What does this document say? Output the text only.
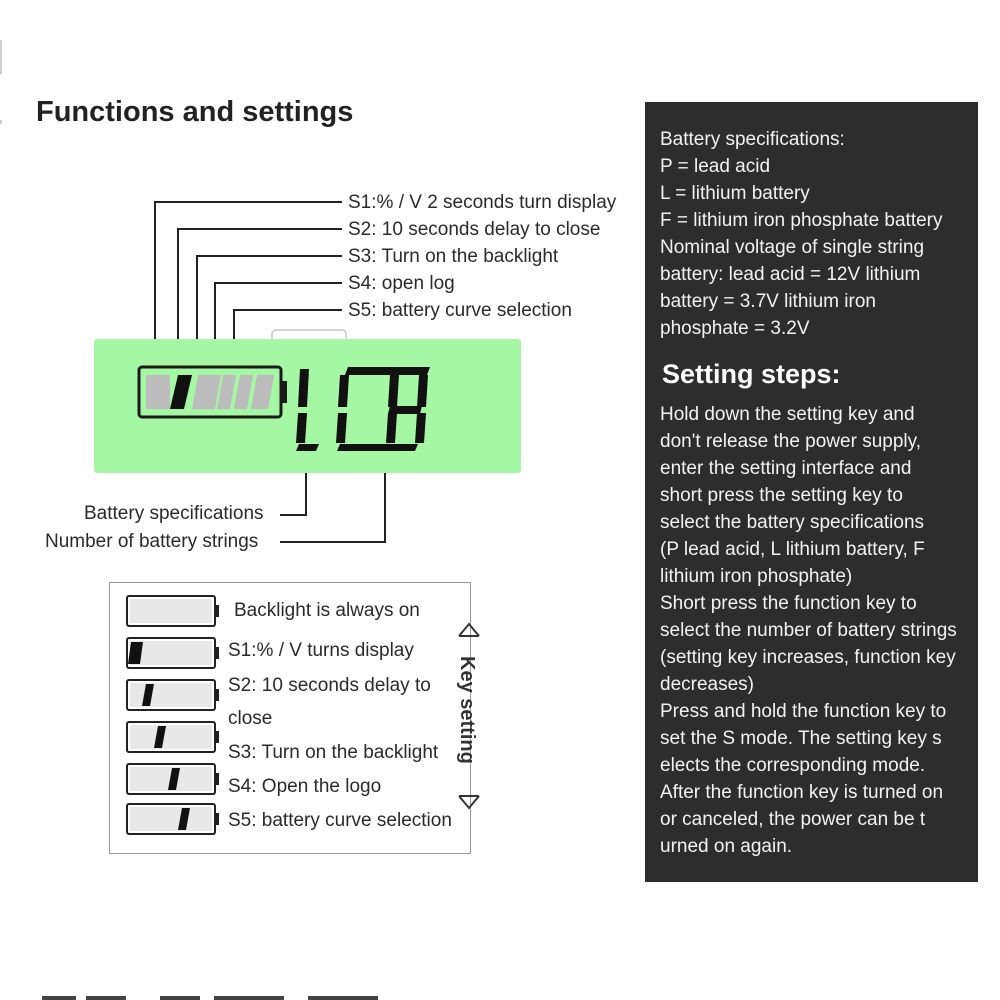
Functions and settings
S1:% / V 2 seconds turn display
S2: 10 seconds delay to close
S3: Turn on the backlight
S4: open log
S5: battery curve selection
Battery specifications
Number of battery strings
Backlight is always on
S1:% / V turns display
S2: 10 seconds delay to
close
S3: Turn on the backlight
S4: Open the logo
S5: battery curve selection
Key setting
Battery specifications:
P = lead acid
L = lithium battery
F = lithium iron phosphate battery
Nominal voltage of single string
battery: lead acid = 12V lithium
battery = 3.7V lithium iron
phosphate = 3.2V
Setting steps:
Hold down the setting key and
don't release the power supply,
enter the setting interface and
short press the setting key to
select the battery specifications
(P lead acid, L lithium battery, F
lithium iron phosphate)
Short press the function key to
select the number of battery strings
(setting key increases, function key
decreases)
Press and hold the function key to
set the S mode. The setting key s
elects the corresponding mode.
After the function key is turned on
or canceled, the power can be t
urned on again.
